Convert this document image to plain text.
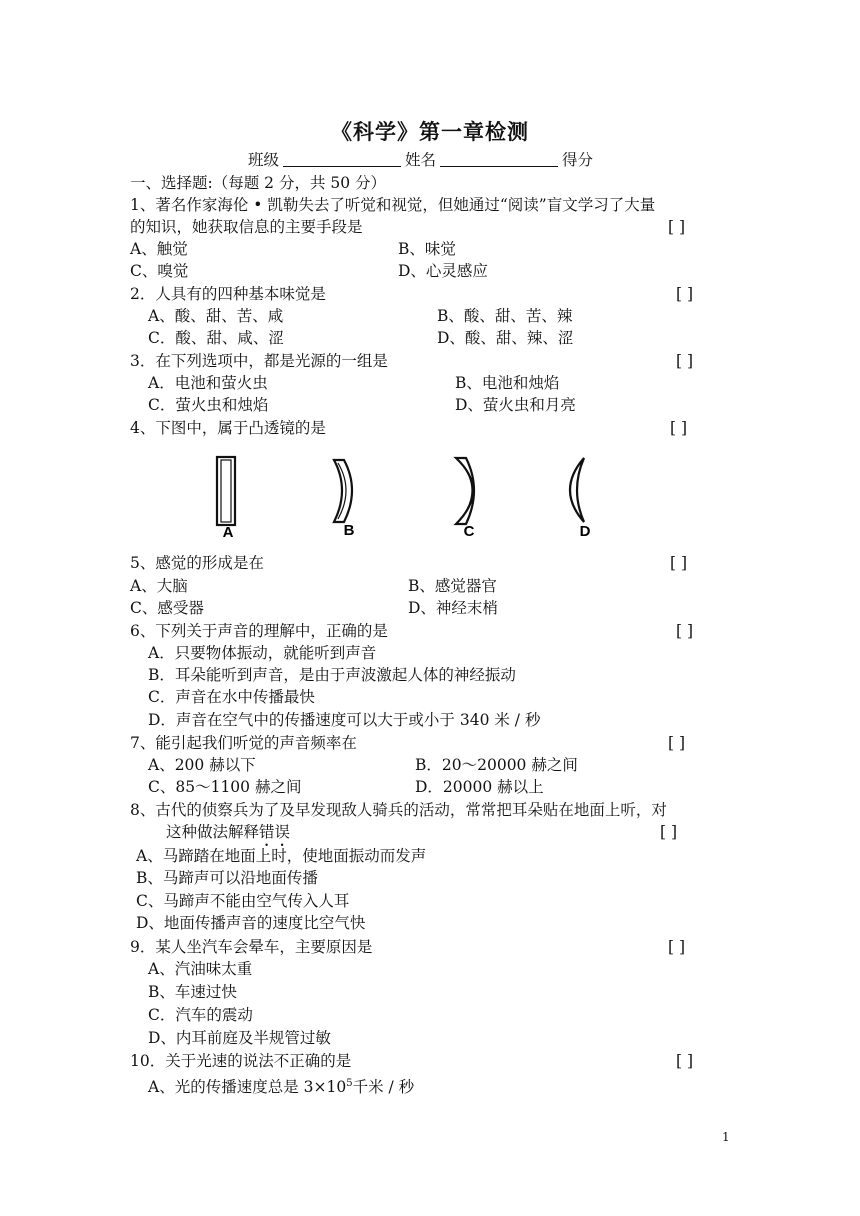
《科学》第一章检测
班级	姓名	得分
一、选择题:（每题 2 分，共 50 分）
1、著名作家海伦 • 凯勒失去了听觉和视觉，但她通过“阅读”盲文学习了大量
的知识，她获取信息的主要手段是	[ ]
A、触觉	B、味觉
C、嗅觉	D、心灵感应
2．人具有的四种基本味觉是	[ ]
A、酸、甜、苦、咸	B、酸、甜、苦、辣
C．酸、甜、咸、涩	D、酸、甜、辣、涩
3．在下列选项中，都是光源的一组是	[ ]
A．电池和萤火虫	B、电池和烛焰
C．萤火虫和烛焰	D、萤火虫和月亮
4、下图中，属于凸透镜的是	[ ]
A	B	C	D
5、感觉的形成是在	[ ]
A、大脑	B、感觉器官
C、感受器	D、神经末梢
6、下列关于声音的理解中，正确的是	[ ]
A．只要物体振动，就能听到声音
B．耳朵能听到声音，是由于声波激起人体的神经振动
C．声音在水中传播最快
D．声音在空气中的传播速度可以大于或小于 340 米 / 秒
7、能引起我们听觉的声音频率在	[ ]
A、200 赫以下	B．20～20000 赫之间
C、85～1100 赫之间	D．20000 赫以上
8、古代的侦察兵为了及早发现敌人骑兵的活动，常常把耳朵贴在地面上听，对
这种做法解释错误	[ ]
A、马蹄踏在地面上时，使地面振动而发声
B、马蹄声可以沿地面传播
C、马蹄声不能由空气传入人耳
D、地面传播声音的速度比空气快
9．某人坐汽车会晕车，主要原因是	[ ]
A、汽油味太重
B、车速过快
C．汽车的震动
D、内耳前庭及半规管过敏
10．关于光速的说法不正确的是	[ ]
A、光的传播速度总是 $3\times 10^5$千米 / 秒
1
